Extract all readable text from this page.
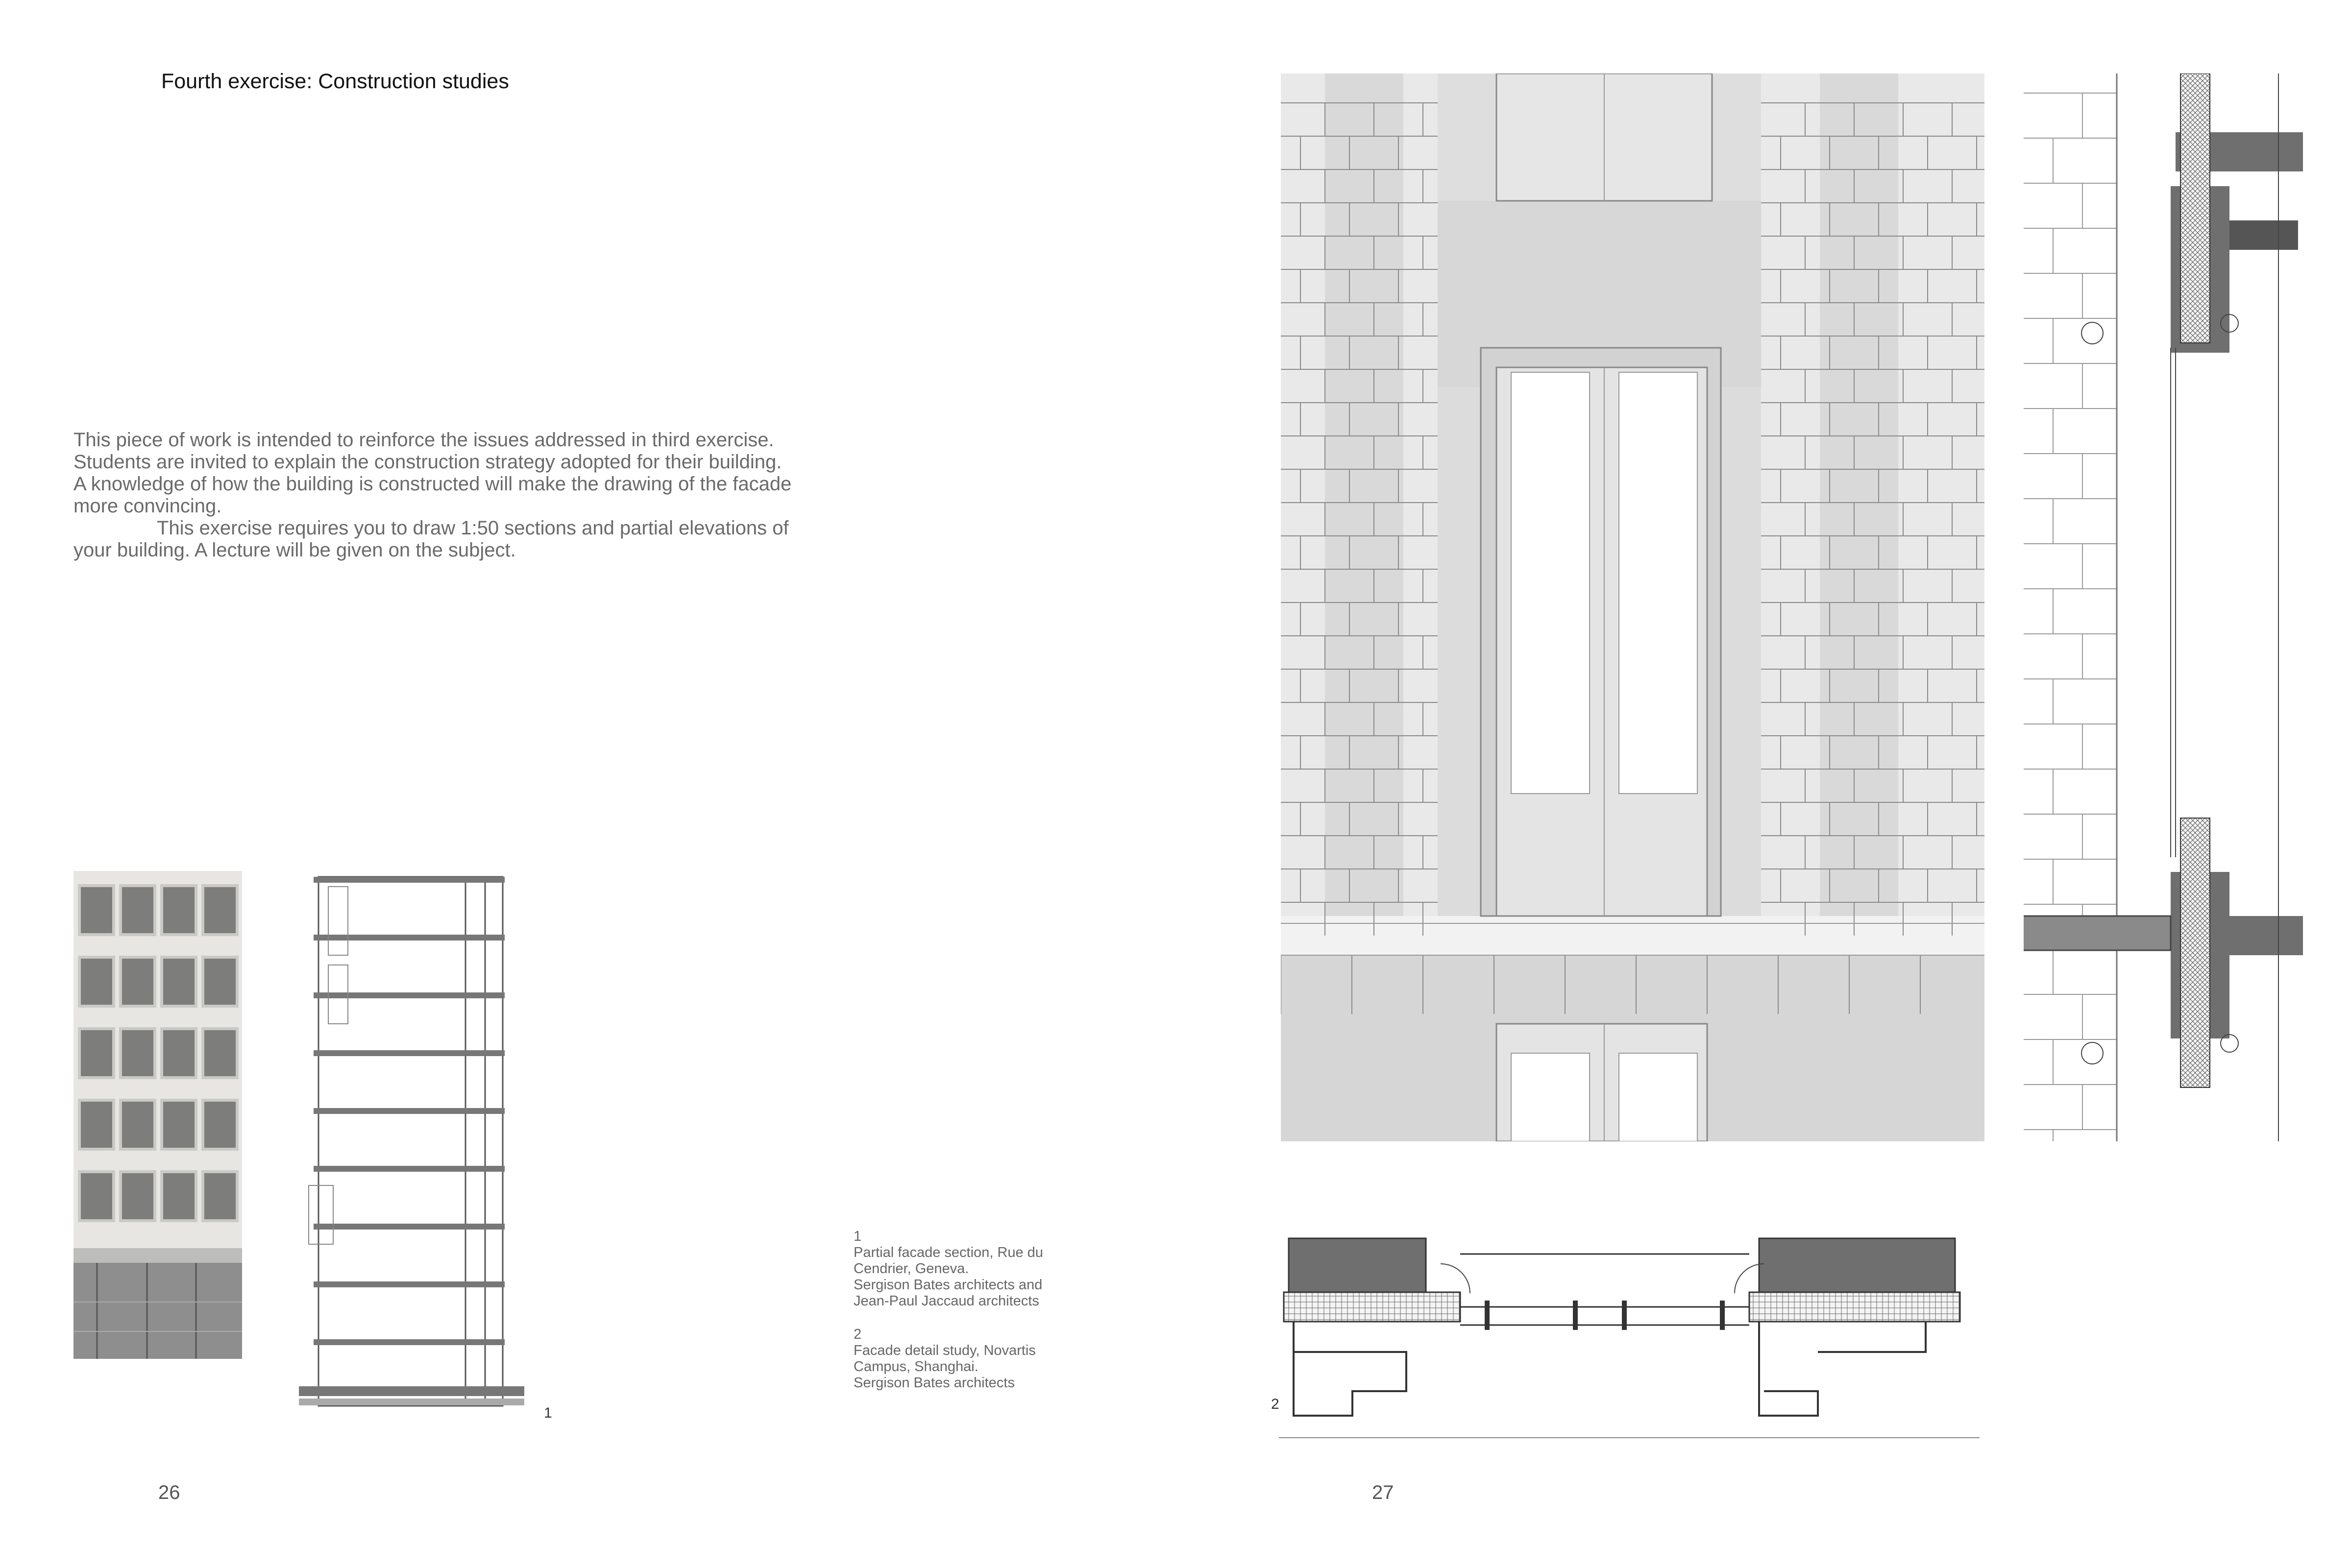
Fourth exercise: Construction studies

This piece of work is intended to reinforce the issues addressed in third exercise.

Students are invited to explain the construction strategy adopted for their building.

A knowledge of how the building is constructed will make the drawing of the facade

more convincing.

This exercise requires you to draw 1:50 sections and partial elevations of

your building. A lecture will be given on the subject.

1
1
Partial facade section, Rue du
Cendrier, Geneva.
Sergison Bates architects and
Jean-Paul Jaccaud architects
2
Facade detail study, Novartis
Campus, Shanghai.
Sergison Bates architects
26
2
27
